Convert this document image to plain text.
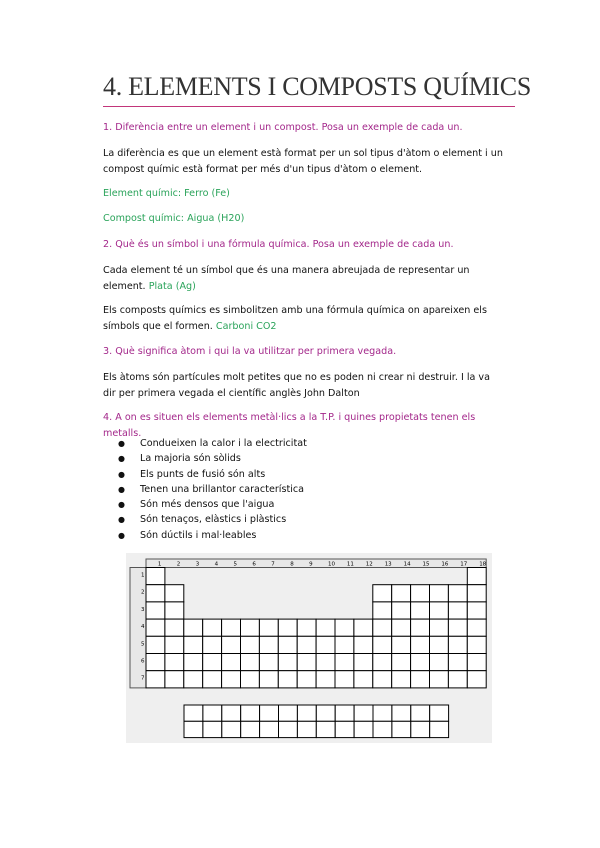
4. ELEMENTS I COMPOSTS QUÍMICS
1. Diferència entre un element i un compost. Posa un exemple de cada un.
La diferència es que un element està format per un sol tipus d'àtom o element i un compost químic està format per més d'un tipus d'àtom o element.
Element químic: Ferro (Fe)
Compost químic: Aigua (H20)
2. Què és un símbol i una fórmula química. Posa un exemple de cada un.
Cada element té un símbol que és una manera abreujada de representar un element. Plata (Ag)
Els composts químics es simbolitzen amb una fórmula química on apareixen els símbols que el formen. Carboni CO2
3. Què significa àtom i qui la va utilitzar per primera vegada.
Els àtoms són partícules molt petites que no es poden ni crear ni destruir. I la va dir per primera vegada el científic anglès John Dalton
4. A on es situen els elements metàl·lics a la T.P. i quines propietats tenen els metalls.
● Condueixen la calor i la electricitat
● La majoria són sòlids
● Els punts de fusió són alts
● Tenen una brillantor característica
● Són més densos que l'aigua
● Són tenaços, elàstics i plàstics
● Són dúctils i mal·leables
1	2	3	4	5	6	7	8	9	10 11 12 13 14 15 16 17 18
1
2
3
4
5
6
7
